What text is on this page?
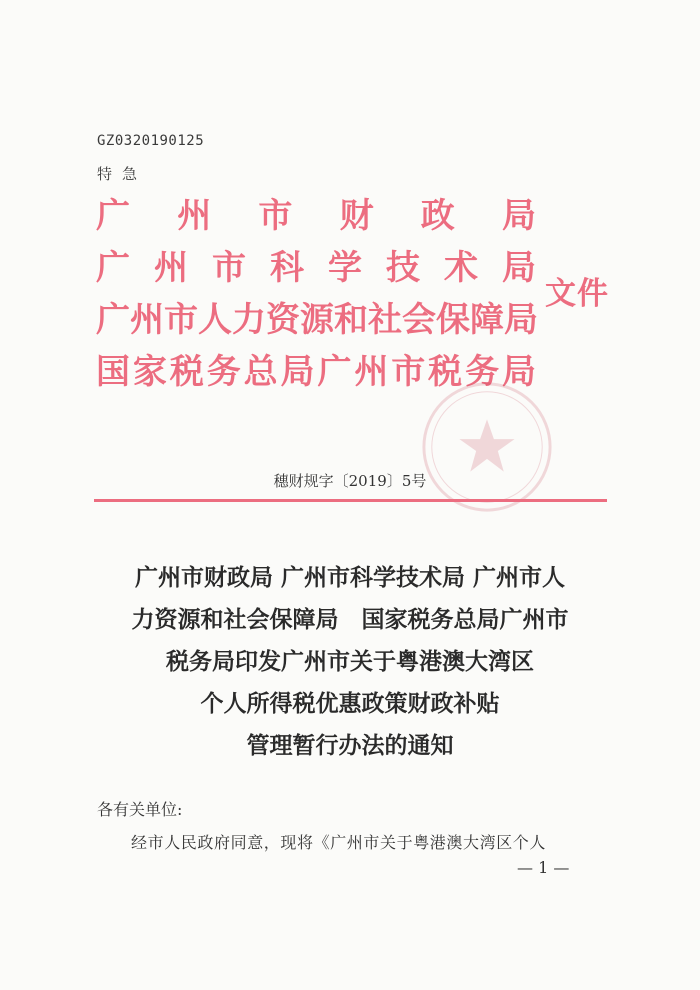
GZ0320190125
特急
广州市财政局
广州市科学技术局
广州市人力资源和社会保障局
国家税务总局广州市税务局
文件
穗财规字〔2019〕5号
广州市财政局 广州市科学技术局 广州市人
力资源和社会保障局　国家税务总局广州市
税务局印发广州市关于粤港澳大湾区
个人所得税优惠政策财政补贴
管理暂行办法的通知
各有关单位:
经市人民政府同意，现将《广州市关于粤港澳大湾区个人
— 1 —
